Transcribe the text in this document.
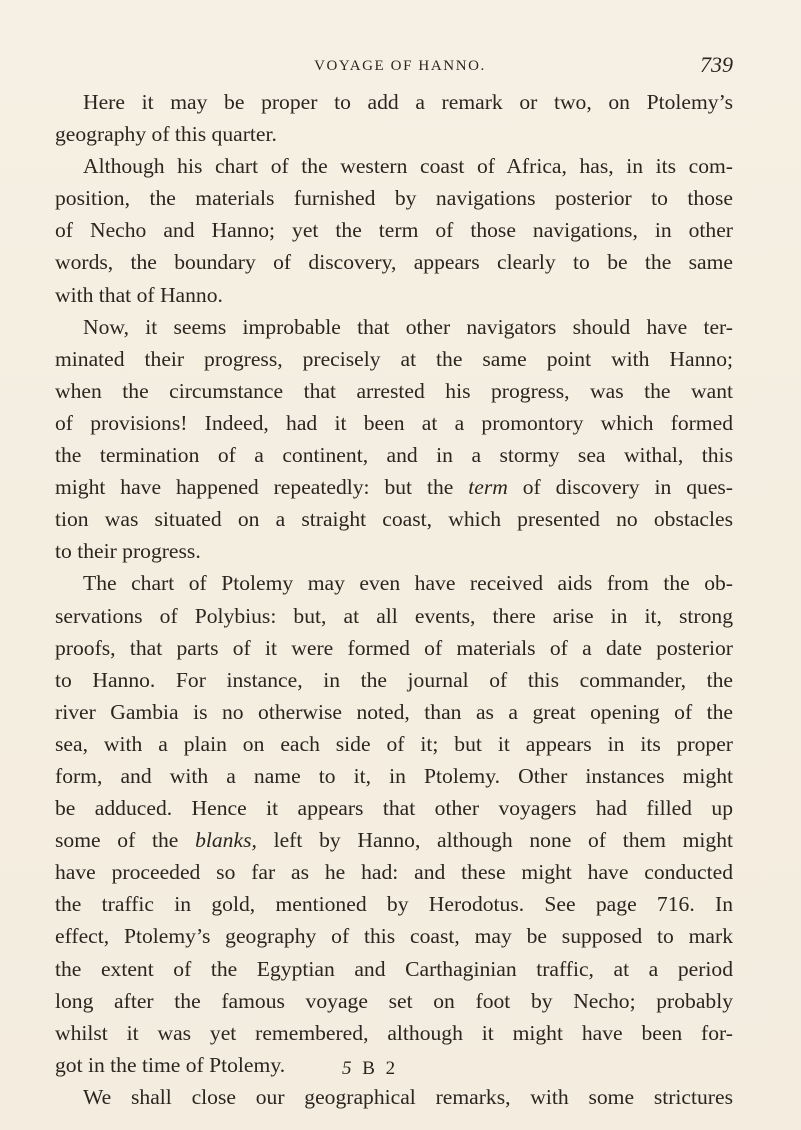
VOYAGE OF HANNO.	739
Here it may be proper to add a remark or two, on Ptolemy’s
geography of this quarter.
Although his chart of the western coast of Africa, has, in its com-
position, the materials furnished by navigations posterior to those
of Necho and Hanno; yet the term of those navigations, in other
words, the boundary of discovery, appears clearly to be the same
with that of Hanno.
Now, it seems improbable that other navigators should have ter-
minated their progress, precisely at the same point with Hanno;
when the circumstance that arrested his progress, was the want
of provisions! Indeed, had it been at a promontory which formed
the termination of a continent, and in a stormy sea withal, this
might have happened repeatedly: but the term of discovery in ques-
tion was situated on a straight coast, which presented no obstacles
to their progress.
The chart of Ptolemy may even have received aids from the ob-
servations of Polybius: but, at all events, there arise in it, strong
proofs, that parts of it were formed of materials of a date posterior
to Hanno. For instance, in the journal of this commander, the
river Gambia is no otherwise noted, than as a great opening of the
sea, with a plain on each side of it; but it appears in its proper
form, and with a name to it, in Ptolemy. Other instances might
be adduced. Hence it appears that other voyagers had filled up
some of the blanks, left by Hanno, although none of them might
have proceeded so far as he had: and these might have conducted
the traffic in gold, mentioned by Herodotus. See page 716. In
effect, Ptolemy’s geography of this coast, may be supposed to mark
the extent of the Egyptian and Carthaginian traffic, at a period
long after the famous voyage set on foot by Necho; probably
whilst it was yet remembered, although it might have been for-
got in the time of Ptolemy.
We shall close our geographical remarks, with some strictures
5 B 2
